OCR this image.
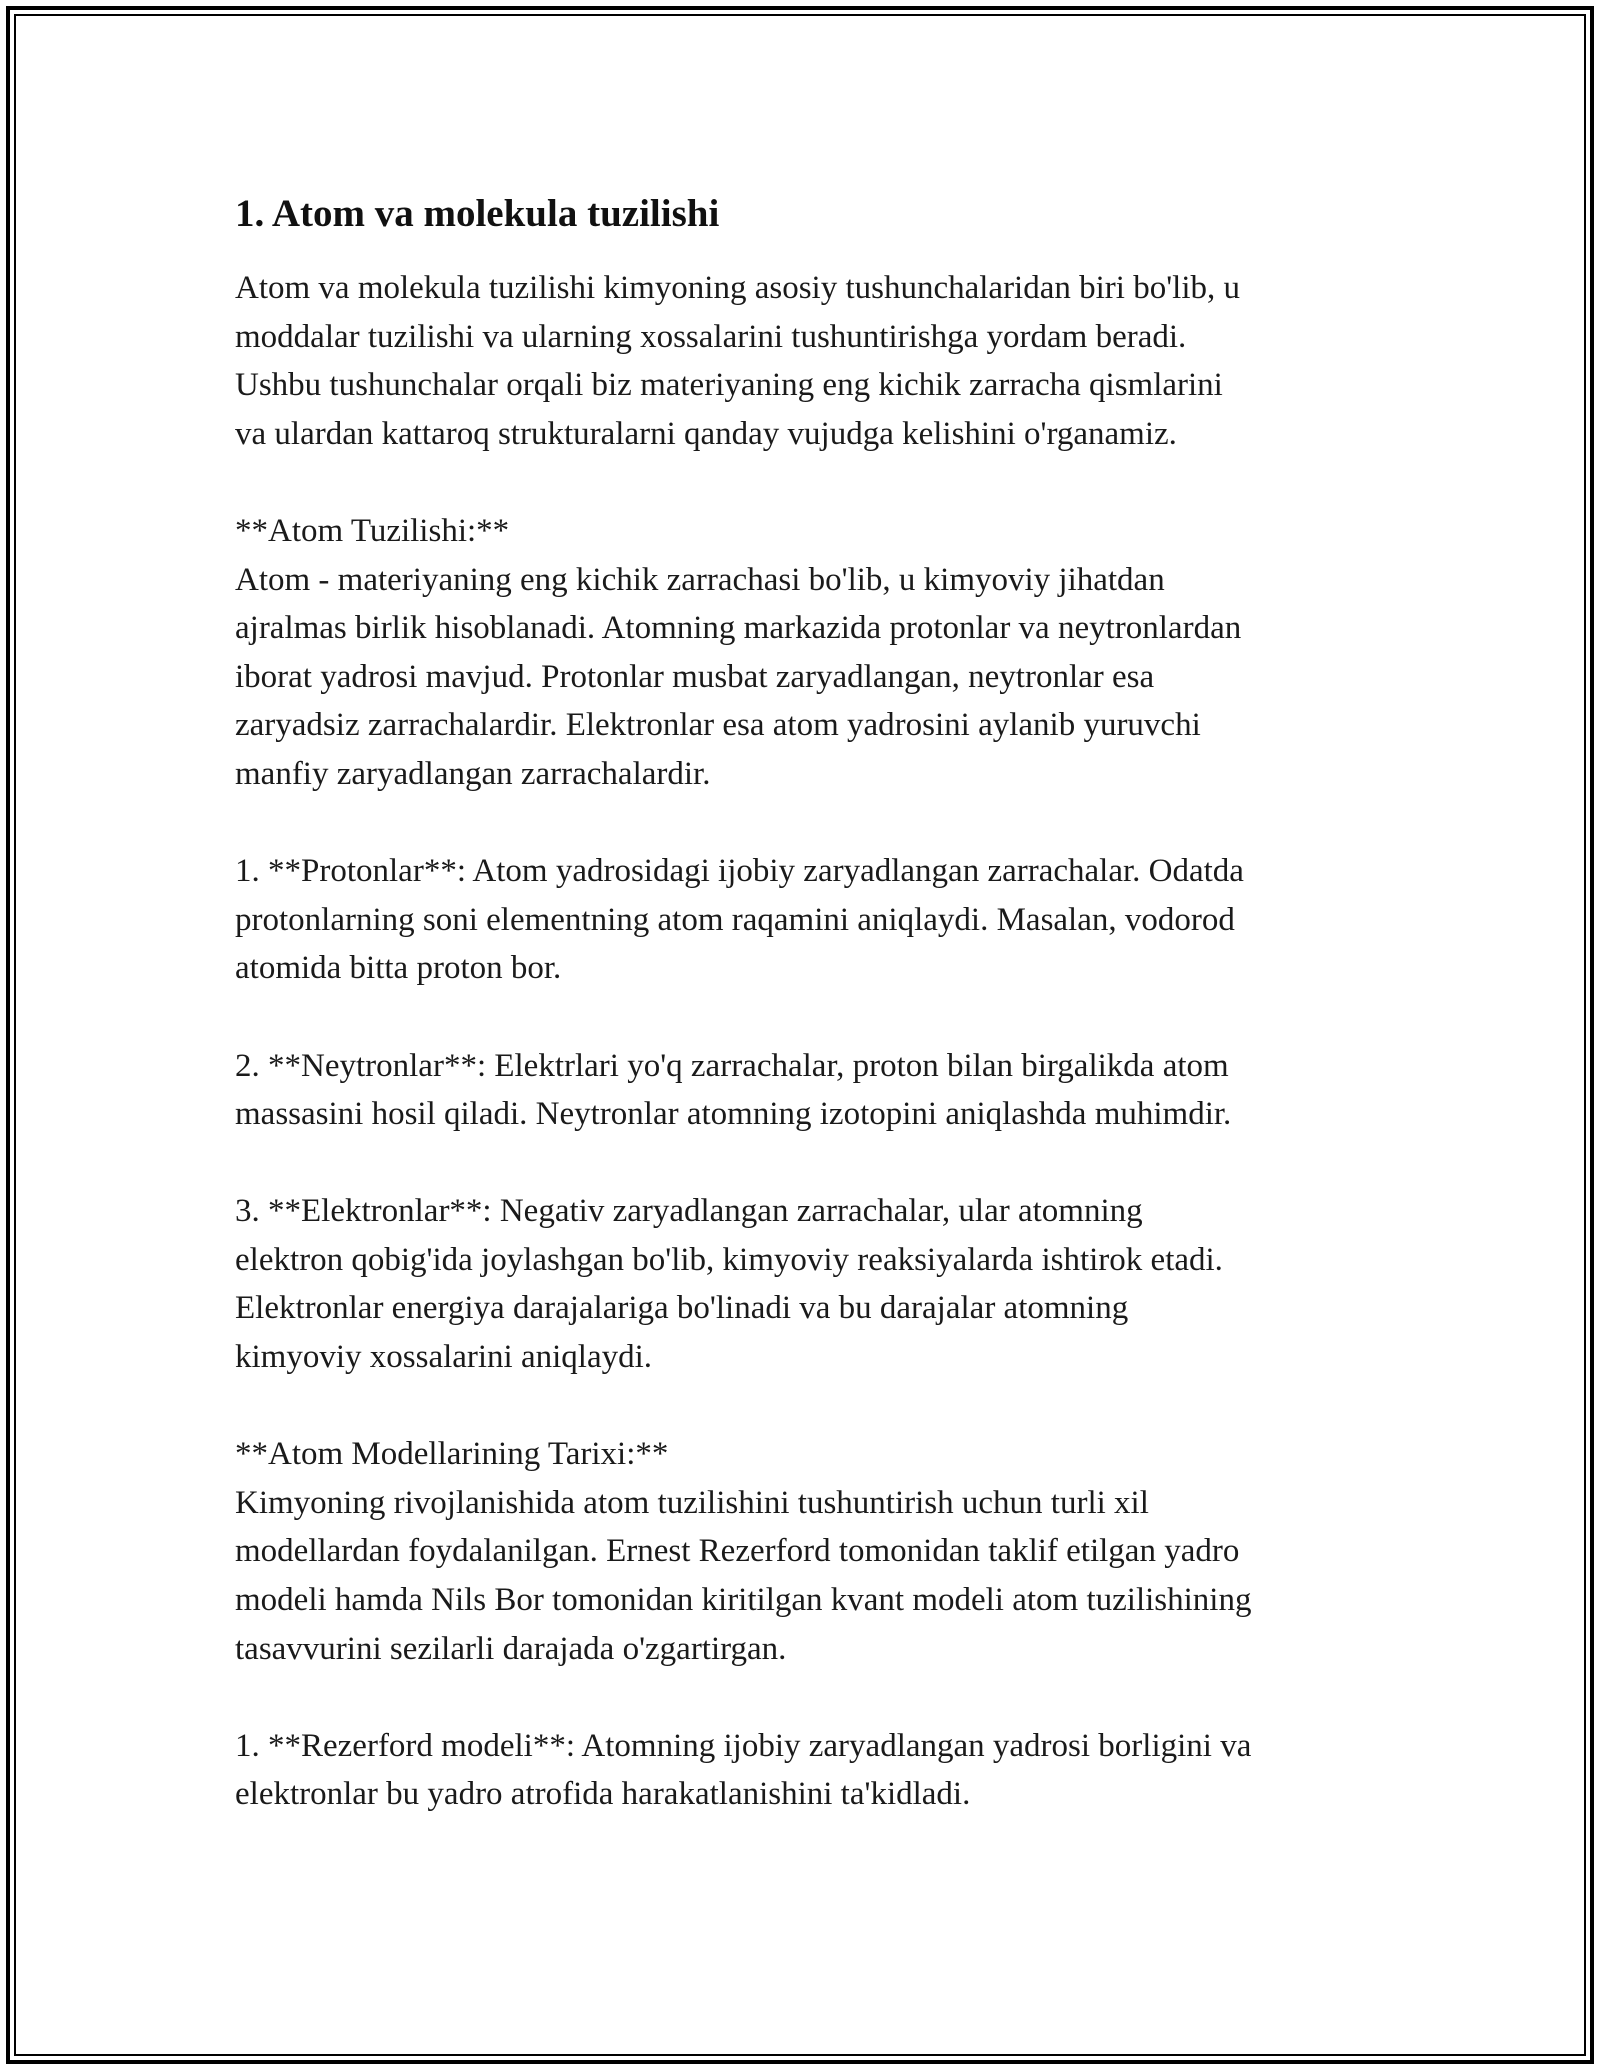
1. Atom va molekula tuzilishi

Atom va molekula tuzilishi kimyoning asosiy tushunchalaridan biri bo'lib, u
moddalar tuzilishi va ularning xossalarini tushuntirishga yordam beradi.
Ushbu tushunchalar orqali biz materiyaning eng kichik zarracha qismlarini
va ulardan kattaroq strukturalarni qanday vujudga kelishini o'rganamiz.

**Atom Tuzilishi:**
Atom - materiyaning eng kichik zarrachasi bo'lib, u kimyoviy jihatdan
ajralmas birlik hisoblanadi. Atomning markazida protonlar va neytronlardan
iborat yadrosi mavjud. Protonlar musbat zaryadlangan, neytronlar esa
zaryadsiz zarrachalardir. Elektronlar esa atom yadrosini aylanib yuruvchi
manfiy zaryadlangan zarrachalardir.

1. **Protonlar**: Atom yadrosidagi ijobiy zaryadlangan zarrachalar. Odatda
protonlarning soni elementning atom raqamini aniqlaydi. Masalan, vodorod
atomida bitta proton bor.

2. **Neytronlar**: Elektrlari yo'q zarrachalar, proton bilan birgalikda atom
massasini hosil qiladi. Neytronlar atomning izotopini aniqlashda muhimdir.

3. **Elektronlar**: Negativ zaryadlangan zarrachalar, ular atomning
elektron qobig'ida joylashgan bo'lib, kimyoviy reaksiyalarda ishtirok etadi.
Elektronlar energiya darajalariga bo'linadi va bu darajalar atomning
kimyoviy xossalarini aniqlaydi.

**Atom Modellarining Tarixi:**
Kimyoning rivojlanishida atom tuzilishini tushuntirish uchun turli xil
modellardan foydalanilgan. Ernest Rezerford tomonidan taklif etilgan yadro
modeli hamda Nils Bor tomonidan kiritilgan kvant modeli atom tuzilishining
tasavvurini sezilarli darajada o'zgartirgan.

1. **Rezerford modeli**: Atomning ijobiy zaryadlangan yadrosi borligini va
elektronlar bu yadro atrofida harakatlanishini ta'kidladi.
